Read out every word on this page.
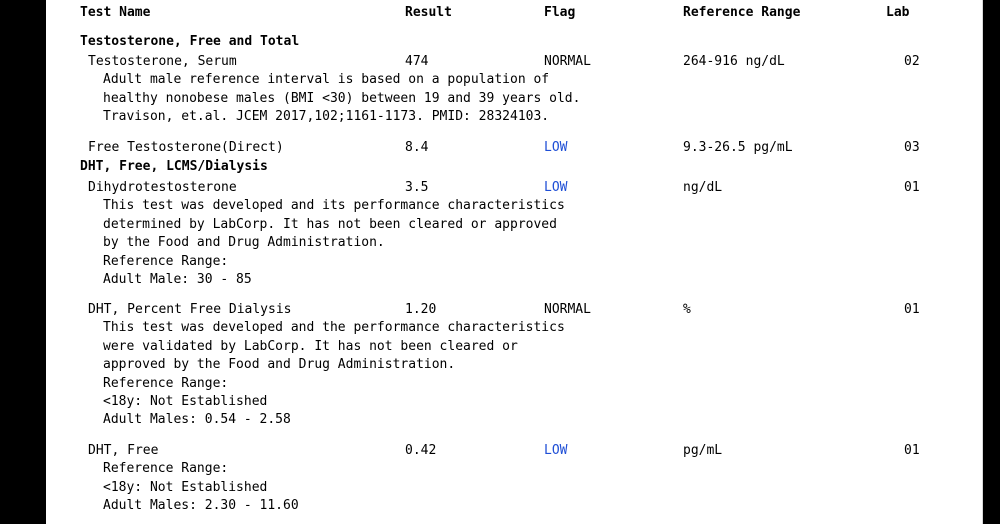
Test Name	Result	Flag	Reference Range	Lab
Testosterone, Free and Total
Testosterone, Serum	474	NORMAL	264-916 ng/dL	02
Adult male reference interval is based on a population of
healthy nonobese males (BMI <30) between 19 and 39 years old.
Travison, et.al. JCEM 2017,102;1161-1173. PMID: 28324103.
Free Testosterone(Direct)	8.4	LOW	9.3-26.5 pg/mL	03
DHT, Free, LCMS/Dialysis
Dihydrotestosterone	3.5	LOW	ng/dL	01
This test was developed and its performance characteristics
determined by LabCorp. It has not been cleared or approved
by the Food and Drug Administration.
Reference Range:
Adult Male: 30 - 85
DHT, Percent Free Dialysis	1.20	NORMAL	%	01
This test was developed and the performance characteristics
were validated by LabCorp. It has not been cleared or
approved by the Food and Drug Administration.
Reference Range:
<18y: Not Established
Adult Males: 0.54 - 2.58
DHT, Free	0.42	LOW	pg/mL	01
Reference Range:
<18y: Not Established
Adult Males: 2.30 - 11.60
